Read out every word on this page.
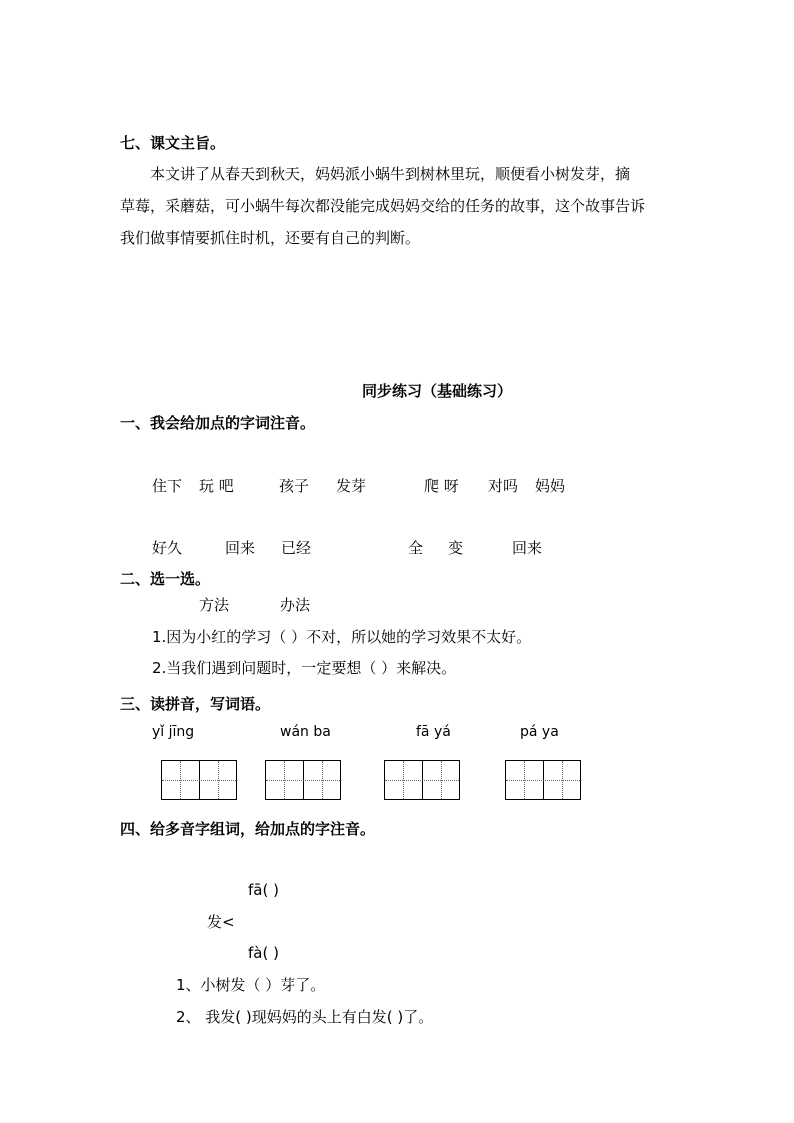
七、课文主旨。

本文讲了从春天到秋天，妈妈派小蜗牛到树林里玩，顺便看小树发芽，摘

草莓，采蘑菇，可小蜗牛每次都没能完成妈妈交给的任务的故事，这个故事告诉

我们做事情要抓住时机，还要有自己的判断。

同步练习（基础练习）
一、我会给加点的字词注音。
住下 玩 吧	孩子 发芽	爬 呀 对吗 妈妈
好久	回来 已经	全 变	回来
二、选一选。
方法	办法
1.因为小红的学习（ ）不对，所以她的学习效果不太好。
2.当我们遇到问题时，一定要想（ ）来解决。
三、读拼音，写词语。
yǐ jīng	wán ba	fā yá	pá ya
四、给多音字组词，给加点的字注音。
fā( )
发<
fà( )
1、小树发（ ）芽了。
2、 我发( )现妈妈的头上有白发( )了。
